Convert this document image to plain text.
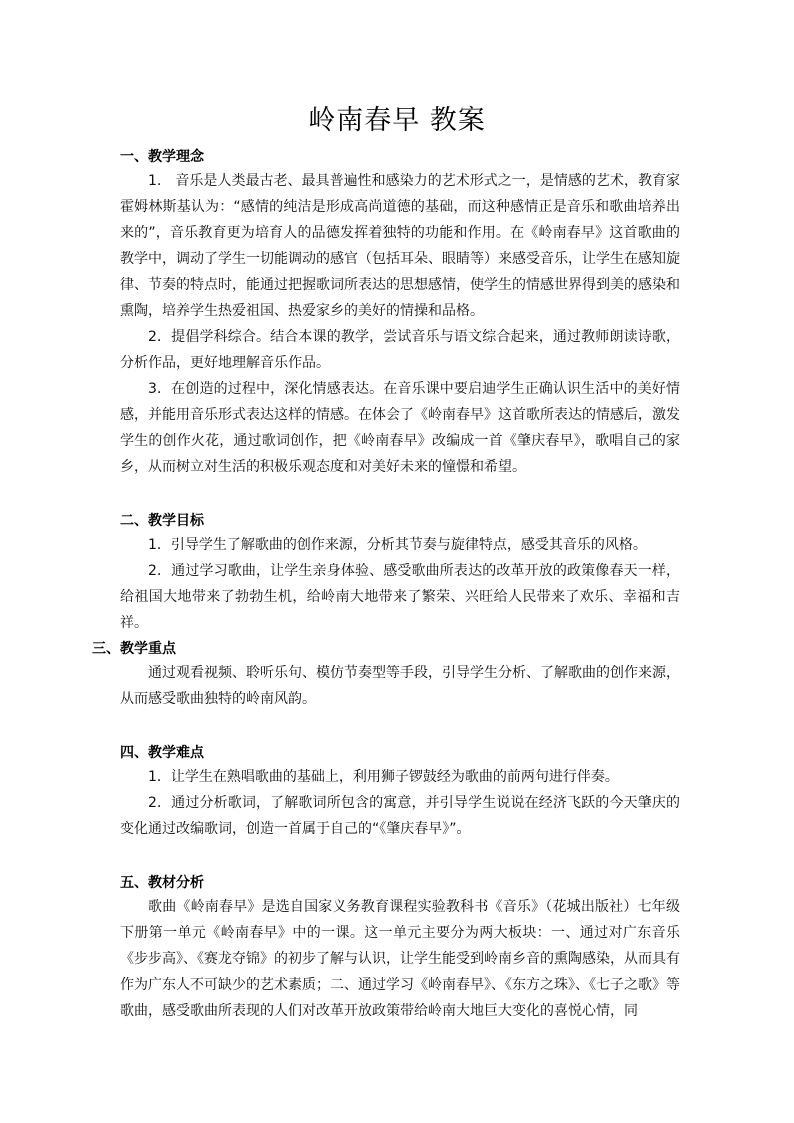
岭南春早 教案
一、教学理念
1.　音乐是人类最古老、最具普遍性和感染力的艺术形式之一，是情感的艺术，教育家霍姆林斯基认为：“感情的纯洁是形成高尚道德的基础，而这种感情正是音乐和歌曲培养出来的”，音乐教育更为培育人的品德发挥着独特的功能和作用。在《岭南春早》这首歌曲的教学中，调动了学生一切能调动的感官（包括耳朵、眼睛等）来感受音乐，让学生在感知旋律、节奏的特点时，能通过把握歌词所表达的思想感情，使学生的情感世界得到美的感染和熏陶，培养学生热爱祖国、热爱家乡的美好的情操和品格。
2．提倡学科综合。结合本课的教学，尝试音乐与语文综合起来，通过教师朗读诗歌，分析作品，更好地理解音乐作品。
3．在创造的过程中，深化情感表达。在音乐课中要启迪学生正确认识生活中的美好情感，并能用音乐形式表达这样的情感。在体会了《岭南春早》这首歌所表达的情感后，激发学生的创作火花，通过歌词创作，把《岭南春早》改编成一首《肇庆春早》，歌唱自己的家乡，从而树立对生活的积极乐观态度和对美好未来的憧憬和希望。
二、教学目标
1．引导学生了解歌曲的创作来源，分析其节奏与旋律特点，感受其音乐的风格。
2．通过学习歌曲，让学生亲身体验、感受歌曲所表达的改革开放的政策像春天一样，给祖国大地带来了勃勃生机，给岭南大地带来了繁荣、兴旺给人民带来了欢乐、幸福和吉祥。
三、教学重点
通过观看视频、聆听乐句、模仿节奏型等手段，引导学生分析、了解歌曲的创作来源，从而感受歌曲独特的岭南风韵。
四、教学难点
1．让学生在熟唱歌曲的基础上，利用狮子锣鼓经为歌曲的前两句进行伴奏。
2．通过分析歌词，了解歌词所包含的寓意，并引导学生说说在经济飞跃的今天肇庆的变化通过改编歌词，创造一首属于自己的“《肇庆春早》”。
五、教材分析
歌曲《岭南春早》是选自国家义务教育课程实验教科书《音乐》（花城出版社）七年级下册第一单元《岭南春早》中的一课。这一单元主要分为两大板块：一、通过对广东音乐《步步高》、《赛龙夺锦》的初步了解与认识，让学生能受到岭南乡音的熏陶感染，从而具有作为广东人不可缺少的艺术素质；二、通过学习《岭南春早》、《东方之珠》、《七子之歌》等歌曲，感受歌曲所表现的人们对改革开放政策带给岭南大地巨大变化的喜悦心情，同
